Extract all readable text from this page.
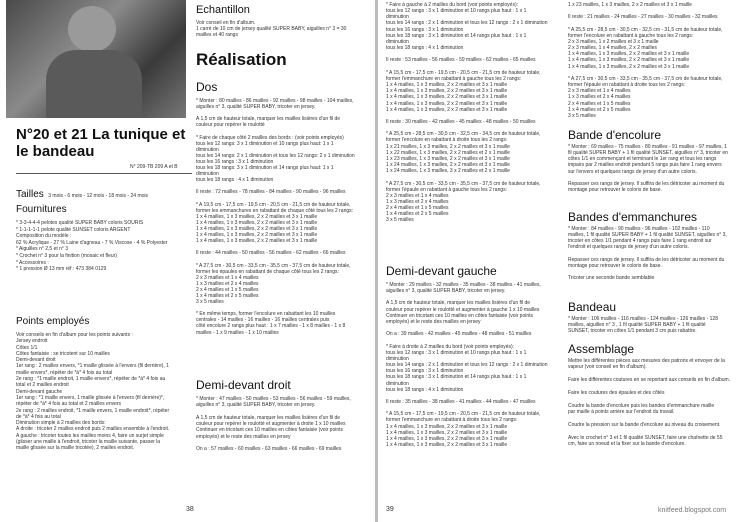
Echantillon
Voir conseil en fin d'album.
1 carré de 10 cm de jersey qualité SUPER BABY, aiguilles n° 3 = 30
mailles et 40 rangs
Réalisation
Dos
* Monter : 80 mailles - 86 mailles - 92 mailles - 98 mailles - 104 mailles,
aiguilles n° 3, qualité SUPER BABY, tricoter en jersey.

A 1,5 cm de hauteur totale, marquer les mailles lisières d'un fil de
couleur pour repérer le roulotté

* Faire de chaque côté 2 mailles des bords : (voir points employés)
tous les 12 rangs: 3 x 1 diminution et 10 rangs plus haut: 1 x 1
diminution
tous les 14 rangs: 2 x 1 diminution et tous les 12 rangs: 2 x 1 diminution
tous les 16 rangs : 3 x 1 diminution
tous les 18 rangs: 3 x 1 diminution et 14 rangs plus haut: 1 x 1
diminution
tous les 18 rangs : 4 x 1 diminution

Il reste : 72 mailles - 78 mailles - 84 mailles - 90 mailles - 96 mailles

* A 19,5 cm - 17,5 cm - 19,5 cm - 20,5 cm - 21,5 cm de hauteur totale,
former les emmanchures en rabattant de chaque côté tous les 2 rangs:
1 x 4 mailles, 1 x 3 mailles, 2 x 2 mailles et 3 x 1 maille
1 x 4 mailles, 1 x 3 mailles, 2 x 2 mailles et 3 x 1 maille
1 x 4 mailles, 1 x 3 mailles, 2 x 2 mailles et 3 x 1 maille
1 x 4 mailles, 1 x 3 mailles, 2 x 2 mailles et 3 x 1 maille
1 x 4 mailles, 1 x 3 mailles, 2 x 2 mailles et 3 x 1 maille

Il reste : 44 mailles - 50 mailles - 56 mailles - 62 mailles - 66 mailles

* A 27,5 cm - 30,5 cm - 33,5 cm - 35,5 cm - 37,5 cm de hauteur totale,
former les épaules en rabattant de chaque côté tous les 2 rangs:
2 x 3 mailles et 1 x 4 mailles
1 x 3 mailles et 2 x 4 mailles
2 x 4 mailles et 1 x 5 mailles
1 x 4 mailles et 2 x 5 mailles
3 x 5 mailles

* En même temps, former l'encolure en rabattant les 10 mailles
centrales - 14 mailles - 16 mailles - 16 mailles centrales puis
côté encolure 2 rangs plus haut : 1 x 7 mailles - 1 x 8 mailles - 1 x 8
mailles - 1 x 9 mailles - 1 x 10 mailles
Demi-devant droit
* Monter : 47 mailles - 50 mailles - 53 mailles - 56 mailles - 59 mailles,
aiguilles n° 3, qualité SUPER BABY, tricoter en jersey.

A 1,5 cm de hauteur totale, marquer les mailles lisières d'un fil de
couleur pour repérer le roulotté et augmenter à droite 1 x 10 mailles
Continuer en tricotant ces 10 mailles en côtes fantaisie (voir points
employés) et le reste des mailles en jersey

On a : 57 mailles - 60 mailles - 63 mailles - 66 mailles - 69 mailles
N°20 et 21 La tunique et le bandeau
N° 209-TB 209 A et B
Tailles 3 mois - 6 mois - 12 mois - 18 mois - 24 mois
Fournitures
* 3-3-4-4-4 pelotes qualité SUPER BABY coloris SOURIS
* 1-1-1-1-1 pelote qualité SUNSET coloris ARGENT
Composition du modèle :
62 % Acrylique - 27 % Laine d'agneau - 7 % Viscose - 4 % Polyester
* Aiguilles n° 2,5 et n° 3
* Crochet n° 3 pour la finition (mosaic et fleur)
* Accessoires :
* 1 pression Ø 13 mm réf : 473 384 0129
Points employés
Voir conseils en fin d'album pour les points suivants :
Jersey endroit
Côtes 1/1
Côtes fantaisie : se tricotent sur 10 mailles
Demi-devant droit
1er rang : 2 mailles envers, *1 maille glissée à l'envers (fil derrière), 1
maille envers*, répéter de *à* 4 fois au total
2e rang : *1 maille endroit, 1 maille envers*, répéter de *à* 4 fois au
total et 2 mailles endroit
Demi-devant gauche
1er rang : *1 maille envers, 1 maille glissée à l'envers (fil derrière)*,
répéter de *à* 4 fois au total et 2 mailles envers
2e rang : 2 mailles endroit, *1 maille envers, 1 maille endroit*, répéter
de *à* 4 fois au total
Diminution simple à 2 mailles des bords:
A droite : tricoter 2 mailles endroit puis 2 mailles ensemble à l'endroit.
A gauche : tricoter toutes les mailles moins 4, faire un surjet simple
(glisser une maille à l'endroit, tricoter la maille suivante, passer la
maille glissée sur la maille tricotée), 2 mailles endroit.
38
* Faire à gauche à 2 mailles du bord (voir points employés):
tous les 12 rangs : 3 x 1 diminution et 10 rangs plus haut : 1 x 1
diminution
tous les 14 rangs : 2 x 1 diminution et tous les 12 rangs : 2 x 1 diminution
tous les 16 rangs : 3 x 1 diminution
tous les 18 rangs : 3 x 1 diminution et 14 rangs plus haut : 1 x 1
diminution
tous les 18 rangs : 4 x 1 diminution

Il reste : 53 mailles - 56 mailles - 59 mailles - 62 mailles - 65 mailles

* A 15,5 cm - 17,5 cm - 19,5 cm - 20,5 cm - 21,5 cm de hauteur totale,
former l'emmanchure en rabattant à gauche tous les 2 rangs:
1 x 4 mailles, 1 x 3 mailles, 2 x 2 mailles et 3 x 1 maille
1 x 4 mailles, 1 x 3 mailles, 2 x 2 mailles et 3 x 1 maille
1 x 4 mailles, 1 x 3 mailles, 2 x 2 mailles et 3 x 1 maille
1 x 4 mailles, 1 x 3 mailles, 2 x 2 mailles et 3 x 1 maille
1 x 4 mailles, 1 x 3 mailles, 2 x 2 mailles et 3 x 1 maille

Il reste : 30 mailles - 42 mailles - 45 mailles - 48 mailles - 50 mailles

* A 25,5 cm - 28,5 cm - 30,5 cm - 32,5 cm - 34,5 cm de hauteur totale,
former l'encolure en rabattant à droite tous les 2 rangs:
1 x 21 mailles, 1 x 3 mailles, 2 x 2 mailles et 3 x 1 maille
1 x 22 mailles, 1 x 3 mailles, 2 x 2 mailles et 2 x 1 maille
1 x 23 mailles, 1 x 3 mailles, 2 x 2 mailles et 3 x 1 maille
1 x 24 mailles, 1 x 3 mailles, 2 x 2 mailles et 3 x 1 maille
1 x 24 mailles, 1 x 3 mailles, 3 x 2 mailles et 2 x 1 maille

* A 27,5 cm - 30,5 cm - 33,5 cm - 35,5 cm - 37,5 cm de hauteur totale,
former l'épaule en rabattant à gauche tous les 2 rangs:
2 x 3 mailles et 1 x 4 mailles
1 x 3 mailles et 2 x 4 mailles
2 x 4 mailles et 1 x 5 mailles
1 x 4 mailles et 2 x 5 mailles
3 x 5 mailles
Demi-devant gauche
* Monter : 29 mailles - 32 mailles - 35 mailles - 38 mailles - 41 mailles,
aiguilles n° 3, qualité SUPER BABY, tricoter en jersey.

A 1,5 cm de hauteur totale, marquer les mailles lisières d'un fil de
couleur pour repérer le roulotté et augmenter à gauche 1 x 10 mailles
Continuer en tricotant ces 10 mailles en côtes fantaisie (voir points
employés) et le reste des mailles en jersey

On a : 39 mailles - 42 mailles - 45 mailles - 48 mailles - 51 mailles

* Faire à droite à 2 mailles du bord (voir points employés):
tous les 12 rangs : 3 x 1 diminution et 10 rangs plus haut : 1 x 1
diminution
tous les 14 rangs : 2 x 1 diminution et tous les 12 rangs : 2 x 1 diminution
tous les 16 rangs : 3 x 1 diminution
tous les 18 rangs : 3 x 1 diminution et 14 rangs plus haut : 1 x 1
diminution
tous les 18 rangs : 4 x 1 diminution

Il reste : 35 mailles - 38 mailles - 41 mailles - 44 mailles - 47 mailles

* A 15,5 cm - 17,5 cm - 19,5 cm - 20,5 cm - 21,5 cm de hauteur totale,
former l'emmanchure en rabattant à droite tous les 2 rangs:
1 x 4 mailles, 1 x 3 mailles, 2 x 2 mailles et 3 x 1 maille
1 x 4 mailles, 1 x 3 mailles, 2 x 2 mailles et 3 x 1 maille
1 x 4 mailles, 1 x 3 mailles, 2 x 2 mailles et 3 x 1 maille
1 x 4 mailles, 1 x 3 mailles, 2 x 2 mailles et 3 x 1 maille
1 x 23 mailles, 1 x 3 mailles, 2 x 2 mailles et 3 x 1 maille

Il reste : 21 mailles - 24 mailles - 27 mailles - 30 mailles - 32 mailles

* A 25,5 cm - 28,5 cm - 30,5 cm - 32,5 cm - 31,5 cm de hauteur totale,
former l'encolure en rabattant à gauche tous les 2 rangs:
2 x 3 mailles, 1 x 2 mailles et 3 x 1 maille
2 x 3 mailles, 1 x 4 mailles, 2 x 2 mailles
1 x 4 mailles, 1 x 3 mailles, 2 x 2 mailles et 3 x 1 maille
1 x 4 mailles, 1 x 3 mailles, 2 x 2 mailles et 3 x 1 maille
1 x 4 mailles, 1 x 3 mailles, 2 x 2 mailles et 3 x 1 maille

* A 27,5 cm - 30,5 cm - 33,5 cm - 35,5 cm - 37,5 cm de hauteur totale,
former l'épaule en rabattant à droite tous les 2 rangs:
2 x 3 mailles et 1 x 4 mailles
1 x 3 mailles et 2 x 4 mailles
2 x 4 mailles et 1 x 5 mailles
1 x 4 mailles et 2 x 5 mailles
3 x 5 mailles
Bande d'encolure
* Monter : 69 mailles - 75 mailles - 80 mailles - 91 mailles - 97 mailles, 1
fil qualité SUPER BABY + 1 fil qualité SUNSET, aiguilles n° 3, tricoter en
côtes 1/1 en commençant et terminant le 1er rang et tous les rangs
impairs par 2 mailles endroit pendant 5 rangs puis faire 1 rang envers
sur l'envers et quelques rangs de jersey d'un autre coloris.

Repasser ces rangs de jersey. Il suffira de les détricoter au moment du
montage pour retrouver le coloris de base.
Bandes d'emmanchures
* Monter : 84 mailles - 90 mailles - 96 mailles - 102 mailles - 110
mailles, 1 fil qualité SUPER BABY + 1 fil qualité SUNSET, aiguilles n° 3,
tricoter en côtes 1/1 pendant 4 rangs puis faire 1 rang endroit sur
l'endroit et quelques rangs de jersey d'un autre coloris.

Repasser ces rangs de jersey. Il suffira de les détricoter au moment du
montage pour retrouver le coloris de base.

Tricoter une seconde bande semblable
Bandeau
* Monter : 106 mailles - 116 mailles - 124 mailles - 126 mailles - 128
mailles, aiguilles n° 3 , 1 fil qualité SUPER BABY + 1 fil qualité
SUNSET, tricoter en côtes 1/1 pendant 3 cm puis rabattre.
Assemblage
Mettre les différentes pièces aux mesures des patrons et envoyer de la
vapeur (voir conseil en fin d'album).

Faire les différentes coutures en se reportant aux conseils en fin d'album.

Faire les coutures des épaules et des côtés

Coudre la bande d'encolure puis les bandes d'emmanchure maille
par maille à points arrière sur l'endroit du travail.

Coudre la pression sur la bande d'encolure au niveau du croisement.

Avec le crochet n° 3 et 1 fil qualité SUNSET, faire une chaînette de 55
cm, faire un noeud et la fixer sur la bande d'encolure.
39	knitfeed.blogspot.com
